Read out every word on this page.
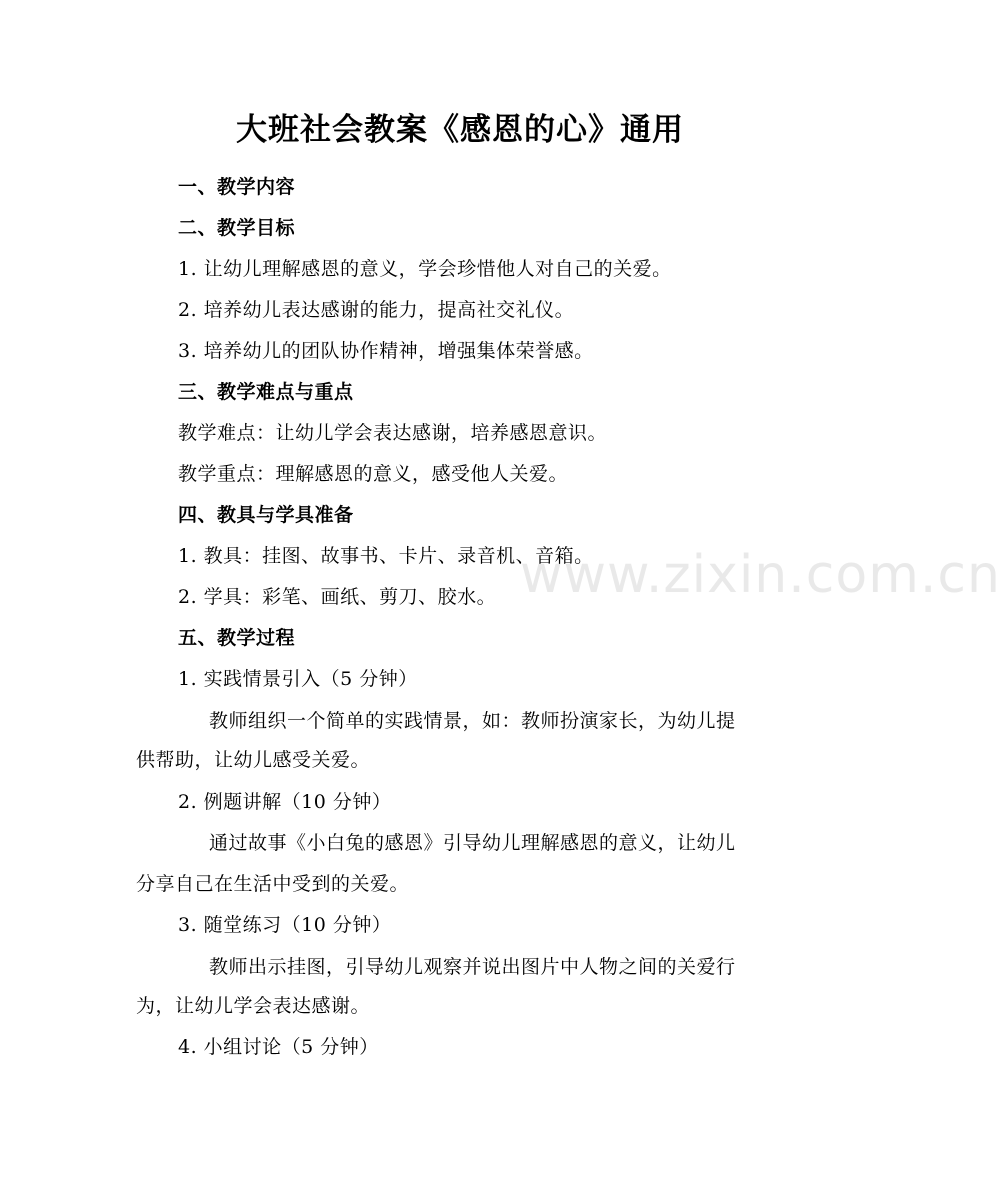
www.zixin.com.cn
大班社会教案《感恩的心》通用
一、教学内容
二、教学目标
1. 让幼儿理解感恩的意义，学会珍惜他人对自己的关爱。
2. 培养幼儿表达感谢的能力，提高社交礼仪。
3. 培养幼儿的团队协作精神，增强集体荣誉感。
三、教学难点与重点
教学难点：让幼儿学会表达感谢，培养感恩意识。
教学重点：理解感恩的意义，感受他人关爱。
四、教具与学具准备
1. 教具：挂图、故事书、卡片、录音机、音箱。
2. 学具：彩笔、画纸、剪刀、胶水。
五、教学过程
1. 实践情景引入（5 分钟）
教师组织一个简单的实践情景，如：教师扮演家长，为幼儿提
供帮助，让幼儿感受关爱。
2. 例题讲解（10 分钟）
通过故事《小白兔的感恩》引导幼儿理解感恩的意义，让幼儿
分享自己在生活中受到的关爱。
3. 随堂练习（10 分钟）
教师出示挂图，引导幼儿观察并说出图片中人物之间的关爱行
为，让幼儿学会表达感谢。
4. 小组讨论（5 分钟）
